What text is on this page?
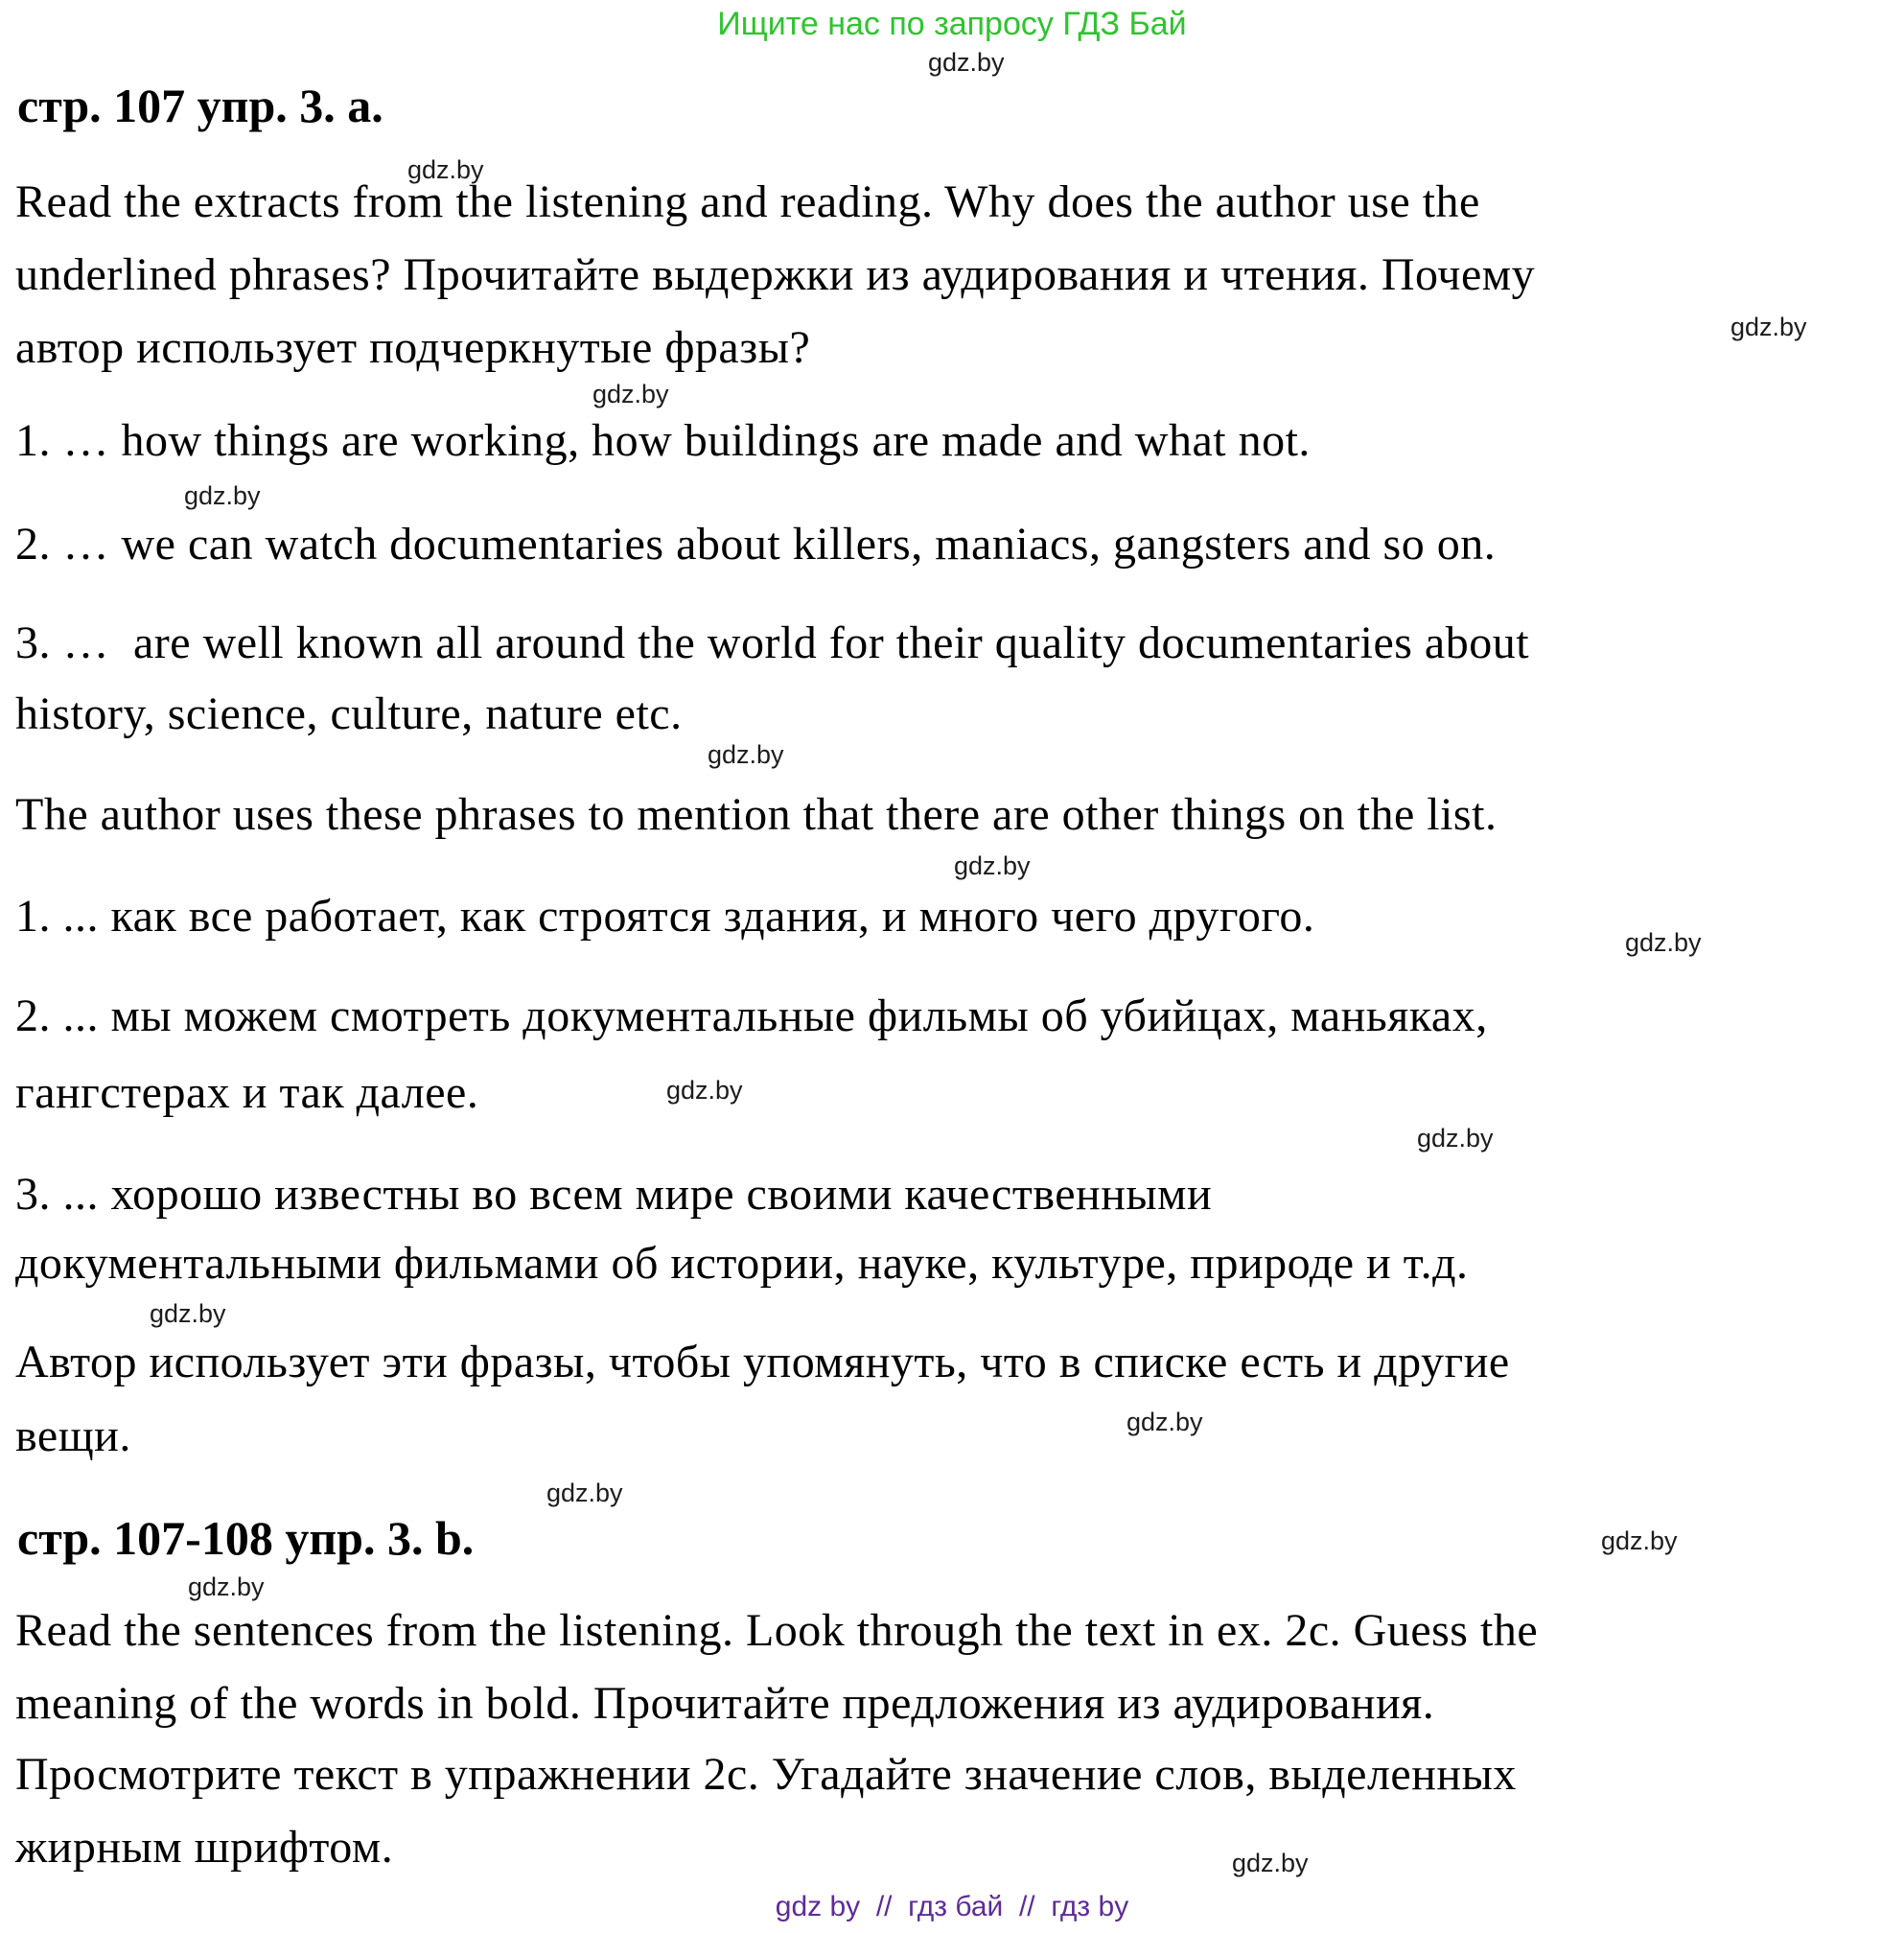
Ищите нас по запросу ГДЗ Бай
gdz.by
gdz.by
gdz.by
gdz.by
gdz.by
gdz.by
gdz.by
gdz.by
gdz.by
gdz.by
gdz.by
gdz.by
gdz.by
gdz.by
gdz.by
gdz.by
стр. 107 упр. 3. а.
Read the extracts from the listening and reading. Why does the author use the
underlined phrases? Прочитайте выдержки из аудирования и чтения. Почему
автор использует подчеркнутые фразы?
1. … how things are working, how buildings are made and what not.
2. … we can watch documentaries about killers, maniacs, gangsters and so on.
3. …  are well known all around the world for their quality documentaries about
history, science, culture, nature etc.
The author uses these phrases to mention that there are other things on the list.
1. ... как все работает, как строятся здания, и много чего другого.
2. ... мы можем смотреть документальные фильмы об убийцах, маньяках,
гангстерах и так далее.
3. ... хорошо известны во всем мире своими качественными
документальными фильмами об истории, науке, культуре, природе и т.д.
Автор использует эти фразы, чтобы упомянуть, что в списке есть и другие
вещи.
стр. 107-108 упр. 3. b.
Read the sentences from the listening. Look through the text in ex. 2c. Guess the
meaning of the words in bold. Прочитайте предложения из аудирования.
Просмотрите текст в упражнении 2c. Угадайте значение слов, выделенных
жирным шрифтом.
gdz by  //  гдз бай  //  гдз by
